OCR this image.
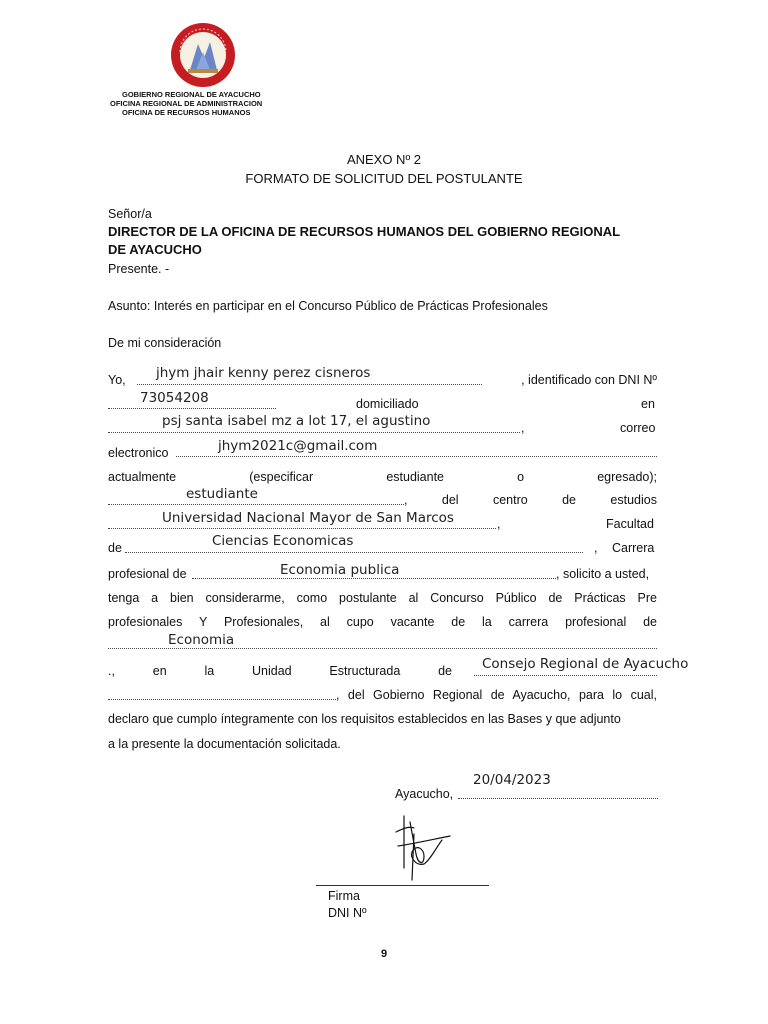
GOBIERNO REGIONAL DE AYACUCHO
OFICINA REGIONAL DE ADMINISTRACION
OFICINA DE RECURSOS HUMANOS
ANEXO Nº 2
FORMATO DE SOLICITUD DEL POSTULANTE
Señor/a
DIRECTOR DE LA OFICINA DE RECURSOS HUMANOS DEL GOBIERNO REGIONAL
DE AYACUCHO
Presente. -
Asunto: Interés en participar en el Concurso Público de Prácticas Profesionales
De mi consideración
Yo, jhym jhair kenny perez cisneros	, identificado con DNI Nº
73054208	domiciliado	en
psj santa isabel mz a lot 17, el agustino	,	correo
electronico	jhym2021c@gmail.com
actualmente	(especificar	estudiante	o	egresado);
estudiante	,	del	centro	de	estudios
Universidad Nacional Mayor de San Marcos	,	Facultad
de	Ciencias Economicas	, Carrera
profesional de	Economia publica	, solicito a usted,
tenga a bien considerarme, como postulante al Concurso Público de Prácticas Pre
profesionales Y Profesionales, al cupo vacante de la carrera profesional de
Economia
.,	en	la	Unidad	Estructurada	de Consejo Regional de Ayacucho
, del Gobierno Regional de Ayacucho, para lo cual,
declaro que cumplo íntegramente con los requisitos establecidos en las Bases y que adjunto
a la presente la documentación solicitada.
20/04/2023
Ayacucho,
Firma
DNI Nº
9
